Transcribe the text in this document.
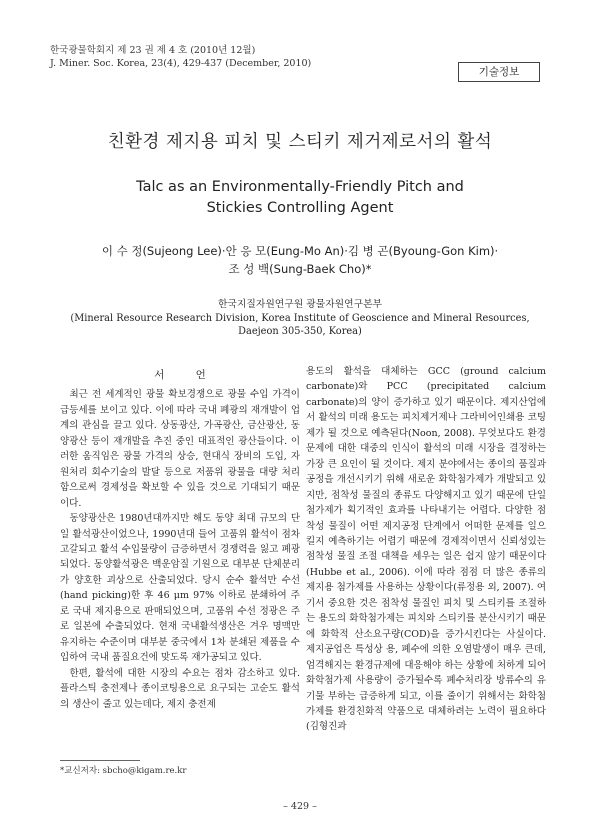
한국광물학회지 제 23 권 제 4 호 (2010년 12월)
J. Miner. Soc. Korea, 23(4), 429-437 (December, 2010)
기술정보
친환경 제지용 피치 및 스티키 제거제로서의 활석
Talc as an Environmentally-Friendly Pitch and
Stickies Controlling Agent
이 수 정(Sujeong Lee)·안 응 모(Eung-Mo An)·김 병 곤(Byoung-Gon Kim)·
조 성 백(Sung-Baek Cho)*
한국지질자원연구원 광물자원연구본부
(Mineral Resource Research Division, Korea Institute of Geoscience and Mineral Resources,
Daejeon 305-350, Korea)

서 언

최근 전 세계적인 광물 확보경쟁으로 광물 수입 가격이 급등세를 보이고 있다. 이에 따라 국내 폐광의 재개발이 업계의 관심을 끌고 있다. 상동광산, 가곡광산, 금산광산, 동양광산 등이 재개발을 추진 중인 대표적인 광산들이다. 이러한 움직임은 광물 가격의 상승, 현대식 장비의 도입, 자원처리 회수기술의 발달 등으로 저품위 광물을 대량 처리함으로써 경제성을 확보할 수 있을 것으로 기대되기 때문이다.

동양광산은 1980년대까지만 해도 동양 최대 규모의 단일 활석광산이었으나, 1990년대 들어 고품위 활석이 점차 고갈되고 활석 수입물량이 급증하면서 경쟁력을 잃고 폐광되었다. 동양활석광은 백운암질 기원으로 대부분 단체분리가 양호한 괴상으로 산출되었다. 당시 순수 활석만 수선(hand picking)한 후 46 μm 97% 이하로 분쇄하여 주로 국내 제지용으로 판매되었으며, 고품위 수선 정광은 주로 일본에 수출되었다. 현재 국내활석생산은 겨우 명맥만 유지하는 수준이며 대부분 중국에서 1차 분쇄된 제품을 수입하여 국내 품질요건에 맞도록 재가공되고 있다.

한편, 활석에 대한 시장의 수요는 점차 감소하고 있다. 플라스틱 충전제나 종이코팅용으로 요구되는 고순도 활석의 생산이 줄고 있는데다, 제지 충전제

용도의 활석을 대체하는 GCC (ground calcium carbonate)와 PCC (precipitated calcium carbonate)의 양이 증가하고 있기 때문이다. 제지산업에서 활석의 미래 용도는 피치제거제나 그라비어인쇄용 코팅제가 될 것으로 예측된다(Noon, 2008). 무엇보다도 환경문제에 대한 대중의 인식이 활석의 미래 시장을 결정하는 가장 큰 요인이 될 것이다. 제지 분야에서는 종이의 품질과 공정을 개선시키기 위해 새로운 화학첨가제가 개발되고 있지만, 점착성 물질의 종류도 다양해지고 있기 때문에 단일 첨가제가 획기적인 효과를 나타내기는 어렵다. 다양한 점착성 물질이 어떤 제지공정 단계에서 어떠한 문제를 일으킬지 예측하기는 어렵기 때문에 경제적이면서 신뢰성있는 점착성 물질 조절 대책을 세우는 일은 쉽지 않기 때문이다(Hubbe et al., 2006). 이에 따라 점점 더 많은 종류의 제지용 첨가제를 사용하는 상황이다(류정용 외, 2007). 여기서 중요한 것은 점착성 물질인 피치 및 스티키를 조절하는 용도의 화학첨가제는 피치와 스티키를 분산시키기 때문에 화학적 산소요구량(COD)을 증가시킨다는 사실이다. 제지공업은 특성상 용, 폐수에 의한 오염발생이 매우 큰데, 엄격해지는 환경규제에 대응해야 하는 상황에 처하게 되어 화학첨가제 사용량이 증가될수록 폐수처리장 방류수의 유기물 부하는 급증하게 되고, 이를 줄이기 위해서는 화학첨가제를 환경친화적 약품으로 대체하려는 노력이 필요하다(김형진과

*교신저자: sbcho@kigam.re.kr
– 429 –
